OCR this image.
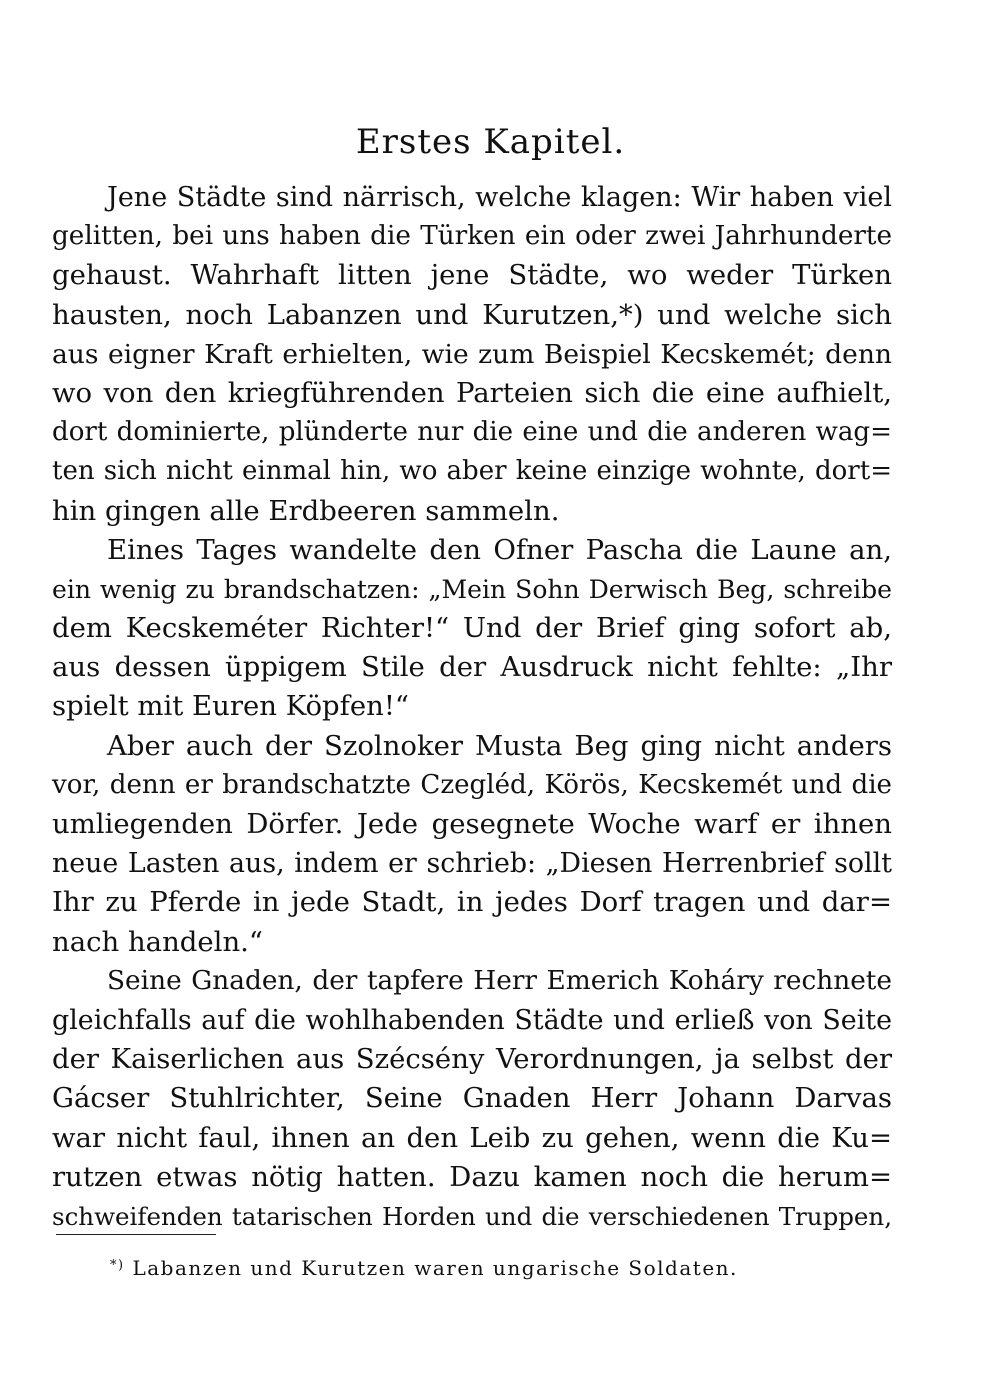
Erstes Kapitel.
Jene Städte sind närrisch, welche klagen: Wir haben viel
gelitten, bei uns haben die Türken ein oder zwei Jahrhunderte
gehaust. Wahrhaft litten jene Städte, wo weder Türken
hausten, noch Labanzen und Kurutzen,*) und welche sich
aus eigner Kraft erhielten, wie zum Beispiel Kecskemét; denn
wo von den kriegführenden Parteien sich die eine aufhielt,
dort dominierte, plünderte nur die eine und die anderen wag=
ten sich nicht einmal hin, wo aber keine einzige wohnte, dort=
hin gingen alle Erdbeeren sammeln.
Eines Tages wandelte den Ofner Pascha die Laune an,
ein wenig zu brandschatzen: „Mein Sohn Derwisch Beg, schreibe
dem Kecskeméter Richter!“ Und der Brief ging sofort ab,
aus dessen üppigem Stile der Ausdruck nicht fehlte: „Ihr
spielt mit Euren Köpfen!“
Aber auch der Szolnoker Musta Beg ging nicht anders
vor, denn er brandschatzte Czegléd, Körös, Kecskemét und die
umliegenden Dörfer. Jede gesegnete Woche warf er ihnen
neue Lasten aus, indem er schrieb: „Diesen Herrenbrief sollt
Ihr zu Pferde in jede Stadt, in jedes Dorf tragen und dar=
nach handeln.“
Seine Gnaden, der tapfere Herr Emerich Koháry rechnete
gleichfalls auf die wohlhabenden Städte und erließ von Seite
der Kaiserlichen aus Szécsény Verordnungen, ja selbst der
Gácser Stuhlrichter, Seine Gnaden Herr Johann Darvas
war nicht faul, ihnen an den Leib zu gehen, wenn die Ku=
rutzen etwas nötig hatten. Dazu kamen noch die herum=
schweifenden tatarischen Horden und die verschiedenen Truppen,
*) Labanzen und Kurutzen waren ungarische Soldaten.
